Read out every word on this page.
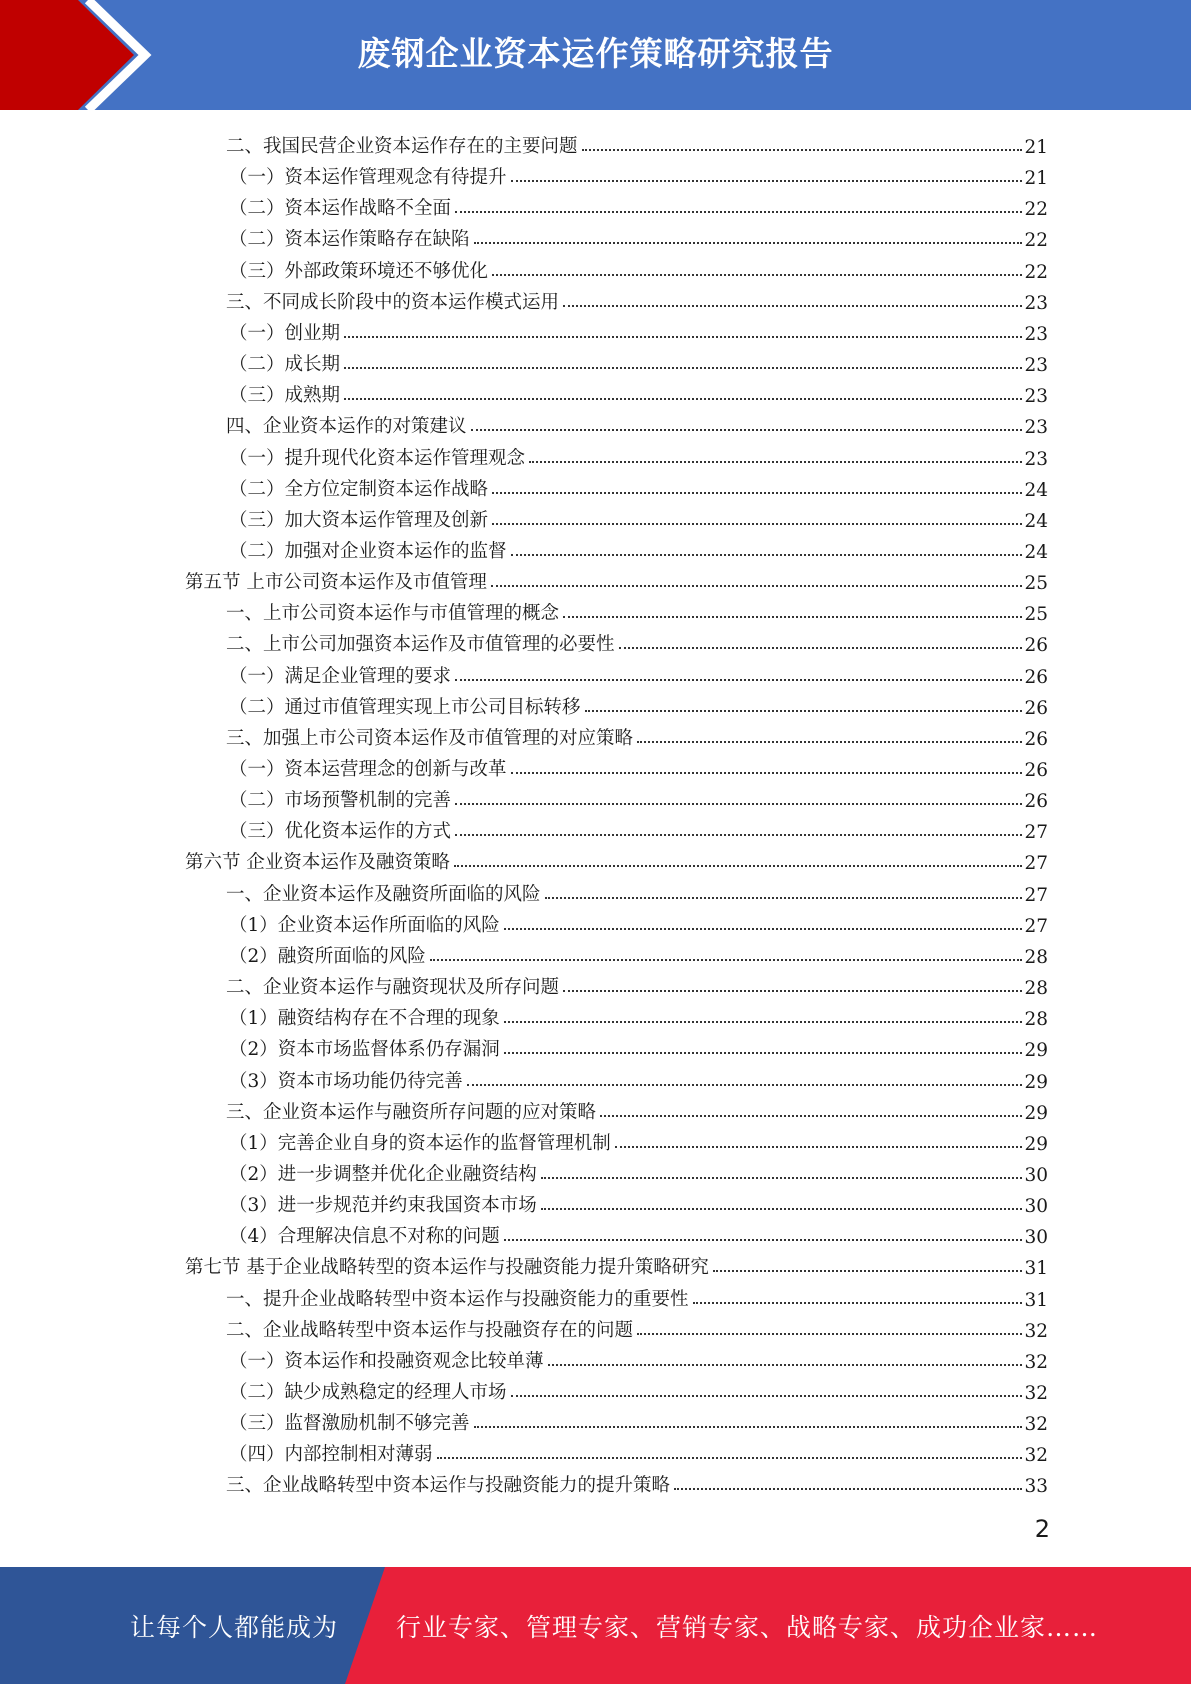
废钢企业资本运作策略研究报告
二、我国民营企业资本运作存在的主要问题	21
（一）资本运作管理观念有待提升	21
（二）资本运作战略不全面	22
（二）资本运作策略存在缺陷	22
（三）外部政策环境还不够优化	22
三、不同成长阶段中的资本运作模式运用	23
（一）创业期	23
（二）成长期	23
（三）成熟期	23
四、企业资本运作的对策建议	23
（一）提升现代化资本运作管理观念	23
（二）全方位定制资本运作战略	24
（三）加大资本运作管理及创新	24
（二）加强对企业资本运作的监督	24
第五节 上市公司资本运作及市值管理	25
一、上市公司资本运作与市值管理的概念	25
二、上市公司加强资本运作及市值管理的必要性	26
（一）满足企业管理的要求	26
（二）通过市值管理实现上市公司目标转移	26
三、加强上市公司资本运作及市值管理的对应策略	26
（一）资本运营理念的创新与改革	26
（二）市场预警机制的完善	26
（三）优化资本运作的方式	27
第六节 企业资本运作及融资策略	27
一、企业资本运作及融资所面临的风险	27
（1）企业资本运作所面临的风险	27
（2）融资所面临的风险	28
二、企业资本运作与融资现状及所存问题	28
（1）融资结构存在不合理的现象	28
（2）资本市场监督体系仍存漏洞	29
（3）资本市场功能仍待完善	29
三、企业资本运作与融资所存问题的应对策略	29
（1）完善企业自身的资本运作的监督管理机制	29
（2）进一步调整并优化企业融资结构	30
（3）进一步规范并约束我国资本市场	30
（4）合理解决信息不对称的问题	30
第七节 基于企业战略转型的资本运作与投融资能力提升策略研究	31
一、提升企业战略转型中资本运作与投融资能力的重要性	31
二、企业战略转型中资本运作与投融资存在的问题	32
（一）资本运作和投融资观念比较单薄	32
（二）缺少成熟稳定的经理人市场	32
（三）监督激励机制不够完善	32
（四）内部控制相对薄弱	32
三、企业战略转型中资本运作与投融资能力的提升策略	33
2
让每个人都能成为 行业专家、管理专家、营销专家、战略专家、成功企业家……
